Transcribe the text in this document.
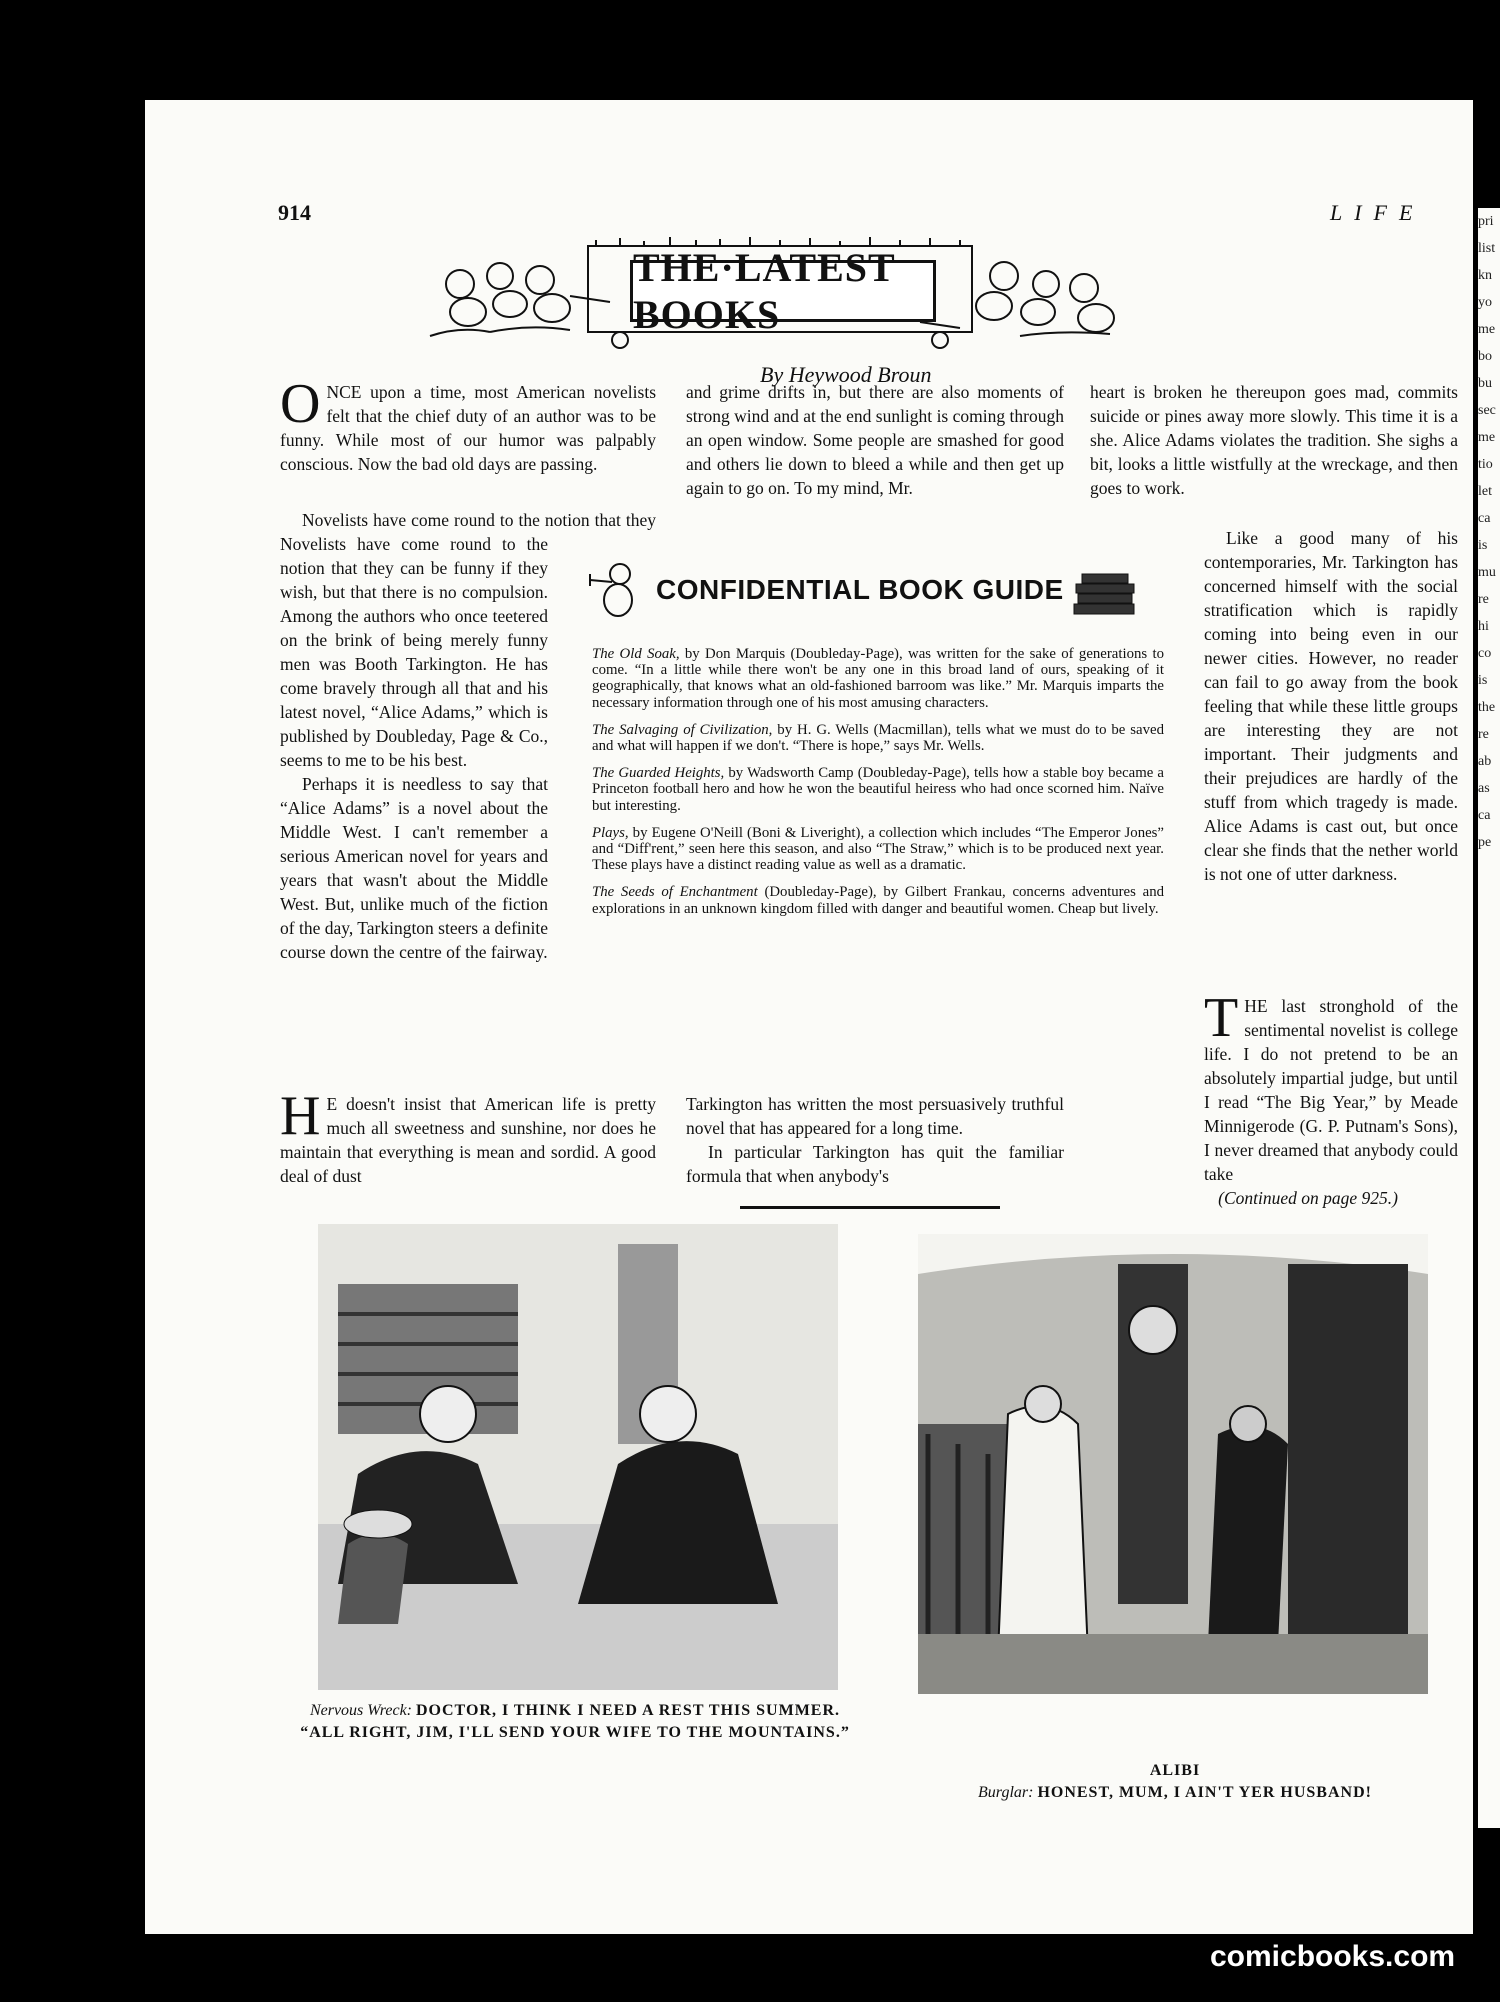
pri
list
kn
yo
me
bo
bu
sec
me
tio
let
ca
is
mu
re
hi
co
is
the
re
ab
as
ca
pe
914	LIFE
THE·LATEST BOOKS
By Heywood Broun

ONCE upon a time, most American novelists felt that the chief duty of an author was to be funny. While most of our humor was palpably conscious. Now the bad old days are passing.

Novelists have come round to the notion that they

Novelists have come round to the notion that they can be funny if they wish, but that there is no compulsion. Among the authors who once teetered on the brink of being merely funny men was Booth Tarkington. He has come bravely through all that and his latest novel, “Alice Adams,” which is published by Doubleday, Page & Co., seems to me to be his best.

Perhaps it is needless to say that “Alice Adams” is a novel about the Middle West. I can't remember a serious American novel for years and years that wasn't about the Middle West. But, unlike much of the fiction of the day, Tarkington steers a definite course down the centre of the fairway.

H E doesn't insist that American life is pretty much all sweetness and sunshine, nor does he maintain that everything is mean and sordid. A good deal of dust

and grime drifts in, but there are also moments of strong wind and at the end sunlight is coming through an open window. Some people are smashed for good and others lie down to bleed a while and then get up again to go on. To my mind, Mr.
heart is broken he thereupon goes mad, commits suicide or pines away more slowly. This time it is a she. Alice Adams violates the tradition. She sighs a bit, looks a little wistfully at the wreckage, and then goes to work.
CONFIDENTIAL BOOK GUIDE

The Old Soak, by Don Marquis (Doubleday-Page), was written for the sake of generations to come. “In a little while there won't be any one in this broad land of ours, speaking of it geographically, that knows what an old-fashioned barroom was like.” Mr. Marquis imparts the necessary information through one of his most amusing characters.

The Salvaging of Civilization, by H. G. Wells (Macmillan), tells what we must do to be saved and what will happen if we don't. “There is hope,” says Mr. Wells.

The Guarded Heights, by Wadsworth Camp (Doubleday-Page), tells how a stable boy became a Princeton football hero and how he won the beautiful heiress who had once scorned him. Naïve but interesting.

Plays, by Eugene O'Neill (Boni & Liveright), a collection which includes “The Emperor Jones” and “Diff'rent,” seen here this season, and also “The Straw,” which is to be produced next year. These plays have a distinct reading value as well as a dramatic.

The Seeds of Enchantment (Doubleday-Page), by Gilbert Frankau, concerns adventures and explorations in an unknown kingdom filled with danger and beautiful women. Cheap but lively.

Like a good many of his contemporaries, Mr. Tarkington has concerned himself with the social stratification which is rapidly coming into being even in our newer cities. However, no reader can fail to go away from the book feeling that while these little groups are interesting they are not important. Their judgments and their prejudices are hardly of the stuff from which tragedy is made. Alice Adams is cast out, but once clear she finds that the nether world is not one of utter darkness.

Tarkington has written the most persuasively truthful novel that has appeared for a long time.

In particular Tarkington has quit the familiar formula that when anybody's

THE last stronghold of the sentimental novelist is college life. I do not pretend to be an absolutely impartial judge, but until I read “The Big Year,” by Meade Minnigerode (G. P. Putnam's Sons), I never dreamed that anybody could take

(Continued on page 925.)
Nervous Wreck: DOCTOR, I THINK I NEED A REST THIS SUMMER.
“ALL RIGHT, JIM, I'LL SEND YOUR WIFE TO THE MOUNTAINS.”
ALIBI
Burglar: HONEST, MUM, I AIN'T YER HUSBAND!
comicbooks.com
